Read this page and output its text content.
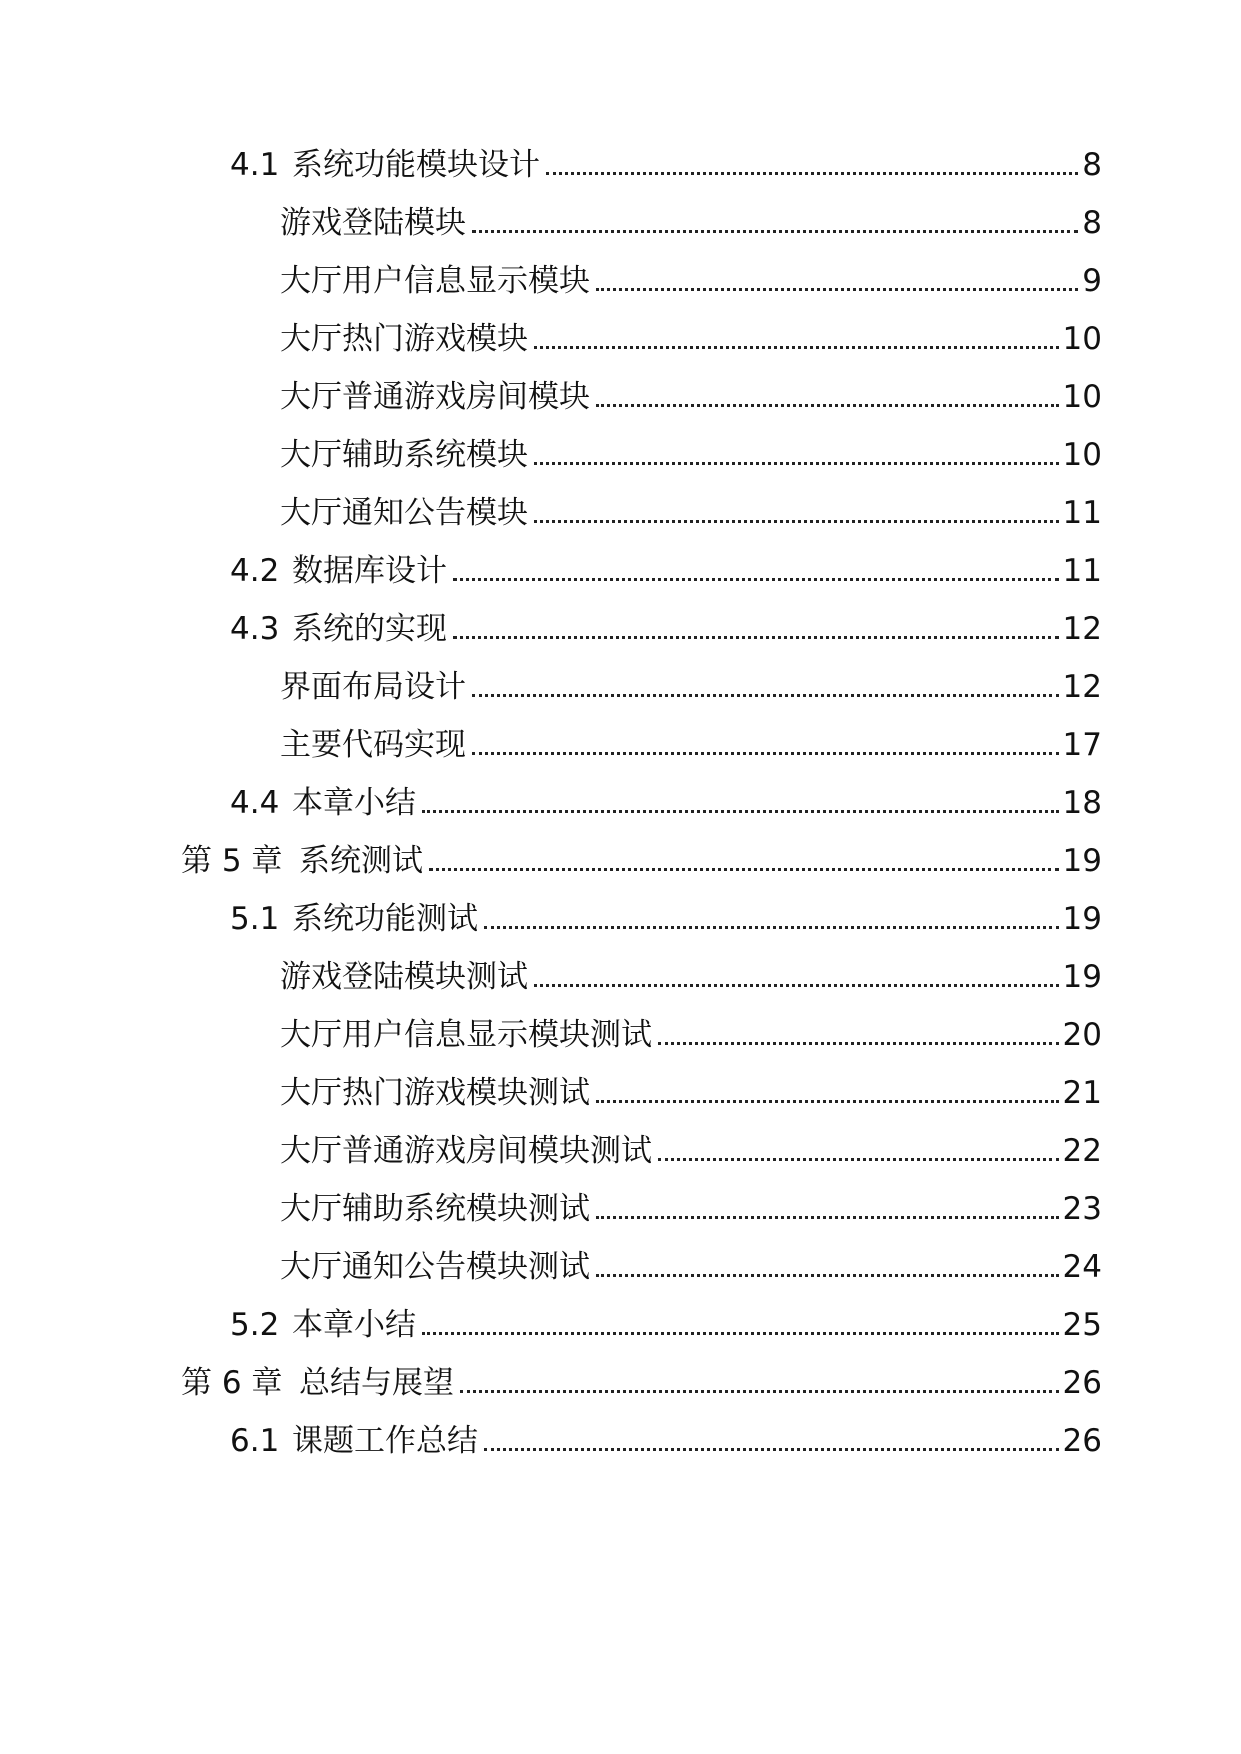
4.1 系统功能模块设计	8
游戏登陆模块	8
大厅用户信息显示模块	9
大厅热门游戏模块	10
大厅普通游戏房间模块	10
大厅辅助系统模块	10
大厅通知公告模块	11
4.2 数据库设计	11
4.3 系统的实现	12
界面布局设计	12
主要代码实现	17
4.4 本章小结	18
第 5 章 系统测试	19
5.1 系统功能测试	19
游戏登陆模块测试	19
大厅用户信息显示模块测试	20
大厅热门游戏模块测试	21
大厅普通游戏房间模块测试	22
大厅辅助系统模块测试	23
大厅通知公告模块测试	24
5.2 本章小结	25
第 6 章 总结与展望	26
6.1 课题工作总结	26
